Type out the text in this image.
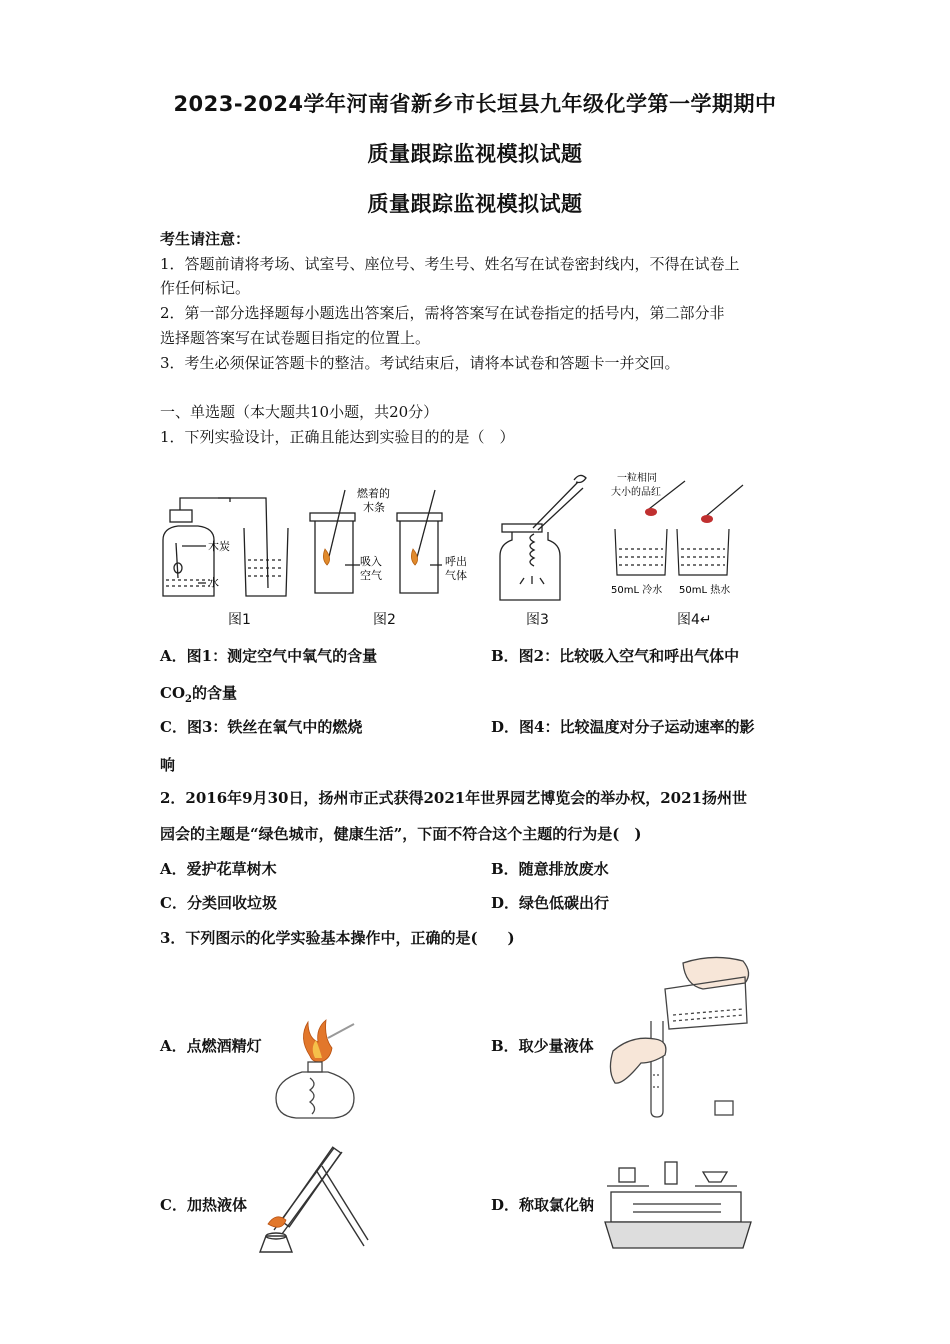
2023-2024学年河南省新乡市长垣县九年级化学第一学期期中
质量跟踪监视模拟试题
质量跟踪监视模拟试题
考生请注意：
1．答题前请将考场、试室号、座位号、考生号、姓名写在试卷密封线内，不得在试卷上
作任何标记。
2．第一部分选择题每小题选出答案后，需将答案写在试卷指定的括号内，第二部分非
选择题答案写在试卷题目指定的位置上。
3．考生必须保证答题卡的整洁。考试结束后，请将本试卷和答题卡一并交回。
一、单选题（本大题共10小题，共20分）
1．下列实验设计，正确且能达到实验目的的是（　）
木炭
水
燃着的
木条
吸入
空气
呼出
气体
一粒相同
大小的品红
50mL 冷水 50mL 热水
图1	图2	图3	图4↵
A．图1：测定空气中氧气的含量	B．图2：比较吸入空气和呼出气体中
$CO_2$的含量
C．图3：铁丝在氧气中的燃烧	D．图4：比较温度对分子运动速率的影
响
2．2016年9月30日，扬州市正式获得2021年世界园艺博览会的举办权，2021扬州世
园会的主题是“绿色城市，健康生活”，下面不符合这个主题的行为是(　)
A．爱护花草树木	B．随意排放废水
C．分类回收垃圾	D．绿色低碳出行
3．下列图示的化学实验基本操作中，正确的是(　　)
A．点燃酒精灯	B．取少量液体
C．加热液体	D．称取氯化钠
